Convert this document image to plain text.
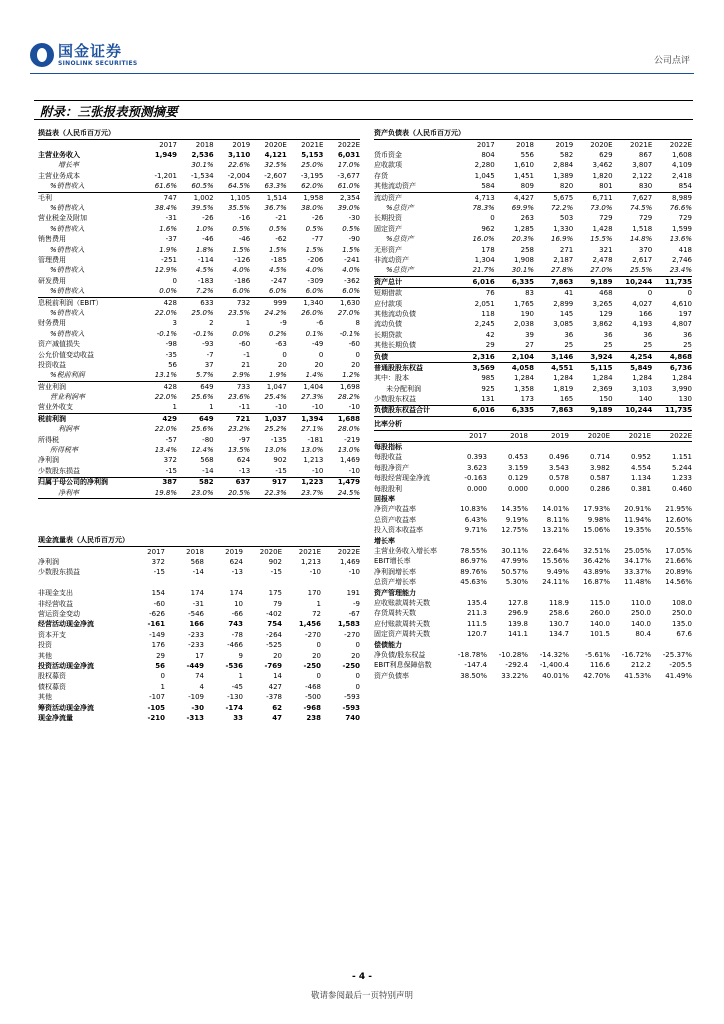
国金证券
SINOLINK SECURITIES	公司点评
附录：三张报表预测摘要
损益表（人民币百万元）
	2017	2018	2019	2020E	2021E	2022E
主营业务收入	1,949	2,536	3,110	4,121	5,153	6,031
增长率		30.1%	22.6%	32.5%	25.0%	17.0%
主营业务成本	-1,201	-1,534	-2,004	-2,607	-3,195	-3,677
%销售收入	61.6%	60.5%	64.5%	63.3%	62.0%	61.0%
毛利	747	1,002	1,105	1,514	1,958	2,354
%销售收入	38.4%	39.5%	35.5%	36.7%	38.0%	39.0%
营业税金及附加	-31	-26	-16	-21	-26	-30
%销售收入	1.6%	1.0%	0.5%	0.5%	0.5%	0.5%
销售费用	-37	-46	-46	-62	-77	-90
%销售收入	1.9%	1.8%	1.5%	1.5%	1.5%	1.5%
管理费用	-251	-114	-126	-185	-206	-241
%销售收入	12.9%	4.5%	4.0%	4.5%	4.0%	4.0%
研发费用	0	-183	-186	-247	-309	-362
%销售收入	0.0%	7.2%	6.0%	6.0%	6.0%	6.0%
息税前利润（EBIT）	428	633	732	999	1,340	1,630
%销售收入	22.0%	25.0%	23.5%	24.2%	26.0%	27.0%
财务费用	3	2	1	-9	-6	8
%销售收入	-0.1%	-0.1%	0.0%	0.2%	0.1%	-0.1%
资产减值损失	-98	-93	-60	-63	-49	-60
公允价值变动收益	-35	-7	-1	0	0	0
投资收益	56	37	21	20	20	20
%税前利润	13.1%	5.7%	2.9%	1.9%	1.4%	1.2%
营业利润	428	649	733	1,047	1,404	1,698
营业利润率	22.0%	25.6%	23.6%	25.4%	27.3%	28.2%
营业外收支	1	1	-11	-10	-10	-10
税前利润	429	649	721	1,037	1,394	1,688
利润率	22.0%	25.6%	23.2%	25.2%	27.1%	28.0%
所得税	-57	-80	-97	-135	-181	-219
所得税率	13.4%	12.4%	13.5%	13.0%	13.0%	13.0%
净利润	372	568	624	902	1,213	1,469
少数股东损益	-15	-14	-13	-15	-10	-10
归属于母公司的净利润	387	582	637	917	1,223	1,479
净利率	19.8%	23.0%	20.5%	22.3%	23.7%	24.5%
现金流量表（人民币百万元）
	2017	2018	2019	2020E	2021E	2022E
净利润	372	568	624	902	1,213	1,469
少数股东损益	-15	-14	-13	-15	-10	-10

非现金支出	154	174	174	175	170	191
非经营收益	-60	-31	10	79	1	-9
营运资金变动	-626	-546	-66	-402	72	-67
经营活动现金净流	-161	166	743	754	1,456	1,583
资本开支	-149	-233	-78	-264	-270	-270
投资	176	-233	-466	-525	0	0
其他	29	17	9	20	20	20
投资活动现金净流	56	-449	-536	-769	-250	-250
股权募资	0	74	1	14	0	0
债权募资	1	4	-45	427	-468	0
其他	-107	-109	-130	-378	-500	-593
筹资活动现金净流	-105	-30	-174	62	-968	-593
现金净流量	-210	-313	33	47	238	740
资产负债表（人民币百万元）
	2017	2018	2019	2020E	2021E	2022E
货币资金	804	556	582	629	867	1,608
应收款项	2,280	1,610	2,884	3,462	3,807	4,109
存货	1,045	1,451	1,389	1,820	2,122	2,418
其他流动资产	584	809	820	801	830	854
流动资产	4,713	4,427	5,675	6,711	7,627	8,989
%总资产	78.3%	69.9%	72.2%	73.0%	74.5%	76.6%
长期投资	0	263	503	729	729	729
固定资产	962	1,285	1,330	1,428	1,518	1,599
%总资产	16.0%	20.3%	16.9%	15.5%	14.8%	13.6%
无形资产	178	258	271	321	370	418
非流动资产	1,304	1,908	2,187	2,478	2,617	2,746
%总资产	21.7%	30.1%	27.8%	27.0%	25.5%	23.4%
资产总计	6,016	6,335	7,863	9,189	10,244	11,735
短期借款	76	83	41	468	0	0
应付款项	2,051	1,765	2,899	3,265	4,027	4,610
其他流动负债	118	190	145	129	166	197
流动负债	2,245	2,038	3,085	3,862	4,193	4,807
长期贷款	42	39	36	36	36	36
其他长期负债	29	27	25	25	25	25
负债	2,316	2,104	3,146	3,924	4,254	4,868
普通股股东权益	3,569	4,058	4,551	5,115	5,849	6,736
其中：股本	985	1,284	1,284	1,284	1,284	1,284
未分配利润	925	1,358	1,819	2,369	3,103	3,990
少数股东权益	131	173	165	150	140	130
负债股东权益合计	6,016	6,335	7,863	9,189	10,244	11,735
比率分析
	2017	2018	2019	2020E	2021E	2022E
每股指标						
每股收益	0.393	0.453	0.496	0.714	0.952	1.151
每股净资产	3.623	3.159	3.543	3.982	4.554	5.244
每股经营现金净流	-0.163	0.129	0.578	0.587	1.134	1.233
每股股利	0.000	0.000	0.000	0.286	0.381	0.460
回报率						
净资产收益率	10.83%	14.35%	14.01%	17.93%	20.91%	21.95%
总资产收益率	6.43%	9.19%	8.11%	9.98%	11.94%	12.60%
投入资本收益率	9.71%	12.75%	13.21%	15.06%	19.35%	20.55%
增长率						
主营业务收入增长率	78.55%	30.11%	22.64%	32.51%	25.05%	17.05%
EBIT增长率	86.97%	47.99%	15.56%	36.42%	34.17%	21.66%
净利润增长率	89.76%	50.57%	9.49%	43.89%	33.37%	20.89%
总资产增长率	45.63%	5.30%	24.11%	16.87%	11.48%	14.56%
资产管理能力						
应收账款周转天数	135.4	127.8	118.9	115.0	110.0	108.0
存货周转天数	211.3	296.9	258.6	260.0	250.0	250.0
应付账款周转天数	111.5	139.8	130.7	140.0	140.0	135.0
固定资产周转天数	120.7	141.1	134.7	101.5	80.4	67.6
偿债能力						
净负债/股东权益	-18.78%	-10.28%	-14.32%	-5.61%	-16.72%	-25.37%
EBIT利息保障倍数	-147.4	-292.4	-1,400.4	116.6	212.2	-205.5
资产负债率	38.50%	33.22%	40.01%	42.70%	41.53%	41.49%
- 4 -
敬请参阅最后一页特别声明
